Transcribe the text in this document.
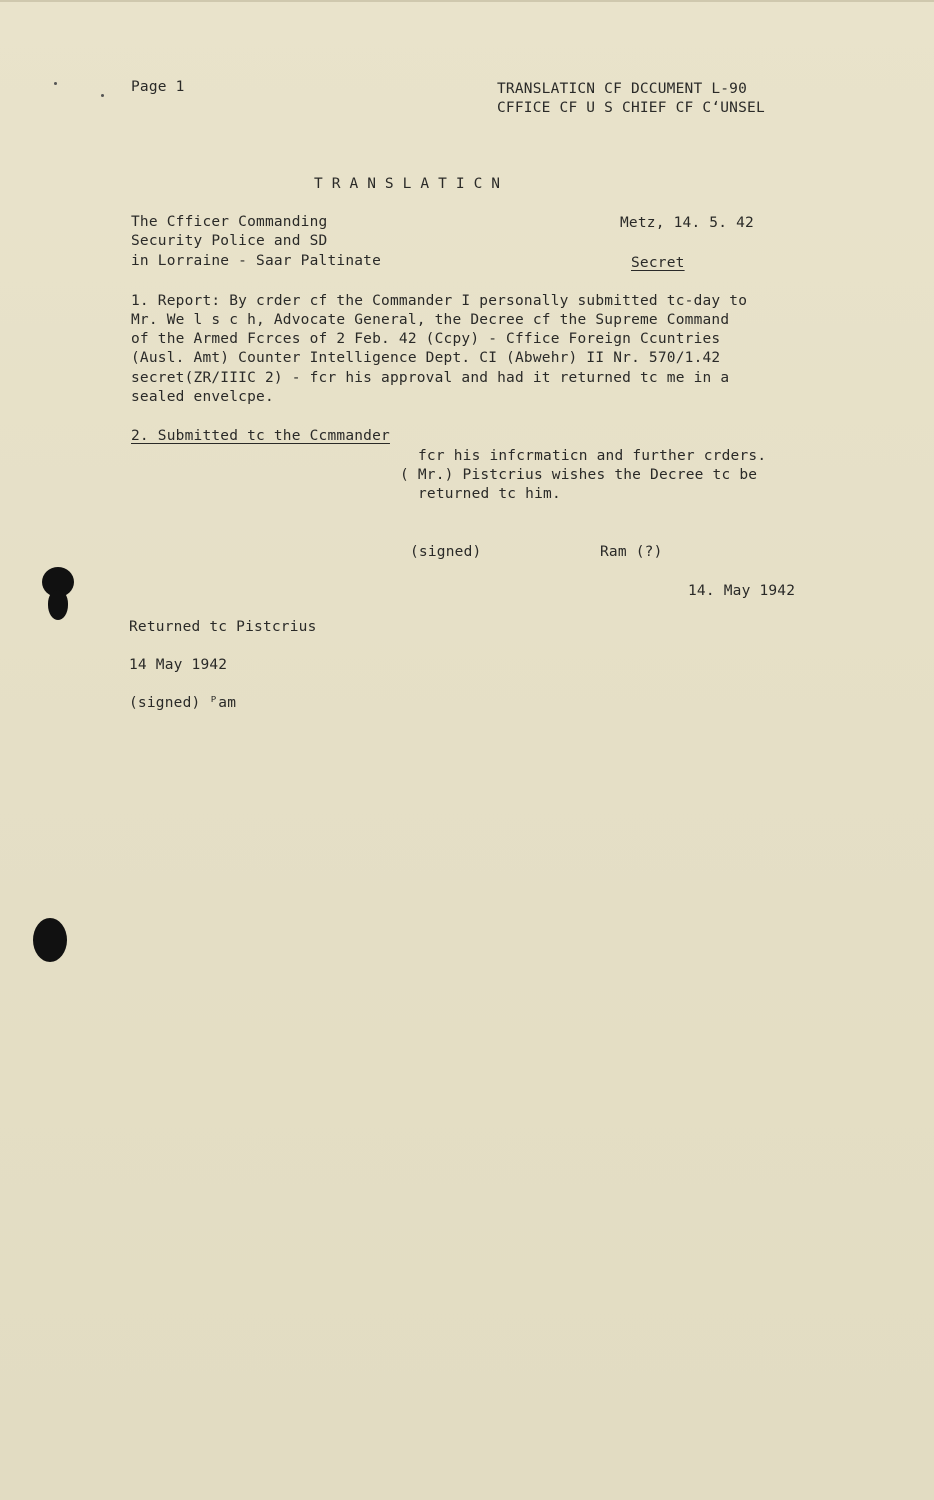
Page 1	TRANSLATICN CF DCCUMENT L-90
CFFICE CF U S CHIEF CF CʻUNSEL
TRANSLATICN
The Cfficer Commanding
Security Police and SD
in Lorraine - Saar Paltinate
Metz, 14. 5. 42
Secret
1. Report: By crder cf the Commander I personally submitted tc-day to
Mr. We l s c h, Advocate General, the Decree cf the Supreme Command
of the Armed Fcrces of 2 Feb. 42 (Ccpy) - Cffice Foreign Ccuntries
(Ausl. Amt) Counter Intelligence Dept. CI (Abwehr) II Nr. 570/1.42
secret(ZR/IIIC 2) - fcr his approval and had it returned tc me in a
sealed envelcpe.
2. Submitted tc the Ccmmander
fcr his infcrmaticn and further crders.
( Mr.) Pistcrius wishes the Decree tc be
returned tc him.
(signed)	Ram (?)
14. May 1942
Returned tc Pistcrius
14 May 1942
(signed) ᴾam
